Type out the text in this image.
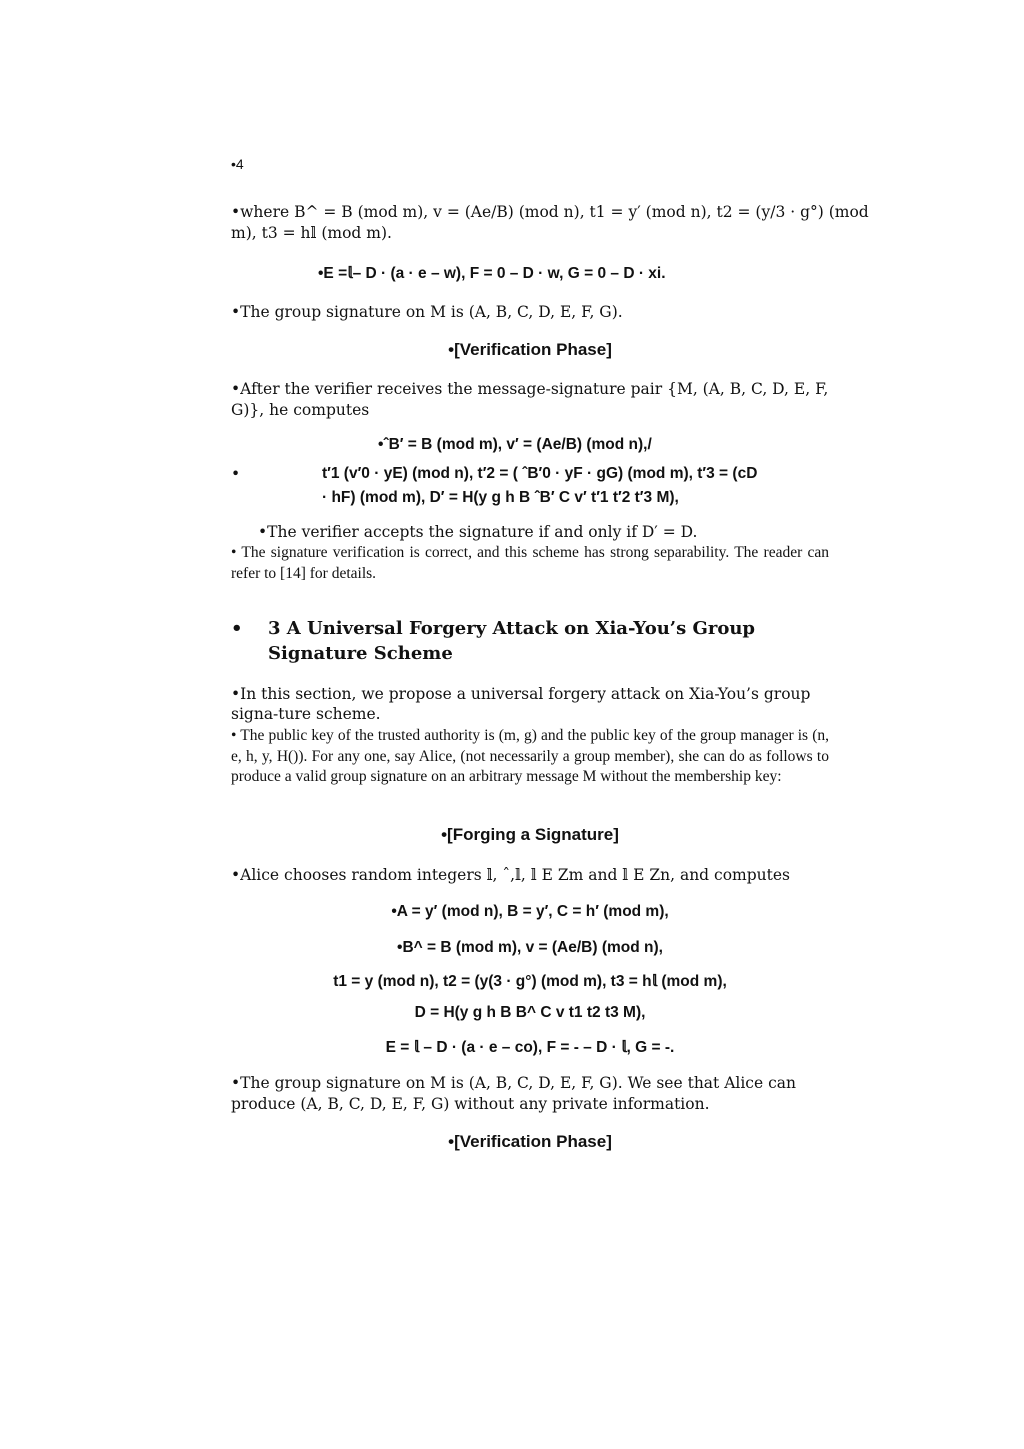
•4
•where B^ = B (mod m), v = (Ae/B) (mod n), t1 = y′ (mod n), t2 = (y/3 · g°) (mod
m), t3 = h𝕝 (mod m).
•E =𝕝– D · (a · e – w), F = 0 – D · w, G = 0 – D · xi.
•The group signature on M is (A, B, C, D, E, F, G).
•[Verification Phase]
•After the verifier receives the message-signature pair {M, (A, B, C, D, E, F,
G)}, he computes
•ˆB′ = B (mod m), v′ = (Ae/B) (mod n),/
•	t′1 (v′0 · yE) (mod n), t′2 = ( ˆB′0 · yF · gG) (mod m), t′3 = (cD
· hF) (mod m), D′ = H(y g h B ˆB′ C v′ t′1 t′2 t′3 M),
•The verifier accepts the signature if and only if D′ = D.
• The signature verification is correct, and this scheme has strong separability. The reader can refer to [14] for details.
• 3 A Universal Forgery Attack on Xia-You’s Group
Signature Scheme
•In this section, we propose a universal forgery attack on Xia-You’s group
signa-ture scheme.
• The public key of the trusted authority is (m, g) and the public key of the group manager is (n, e, h, y, H()). For any one, say Alice, (not necessarily a group member), she can do as follows to produce a valid group signature on an arbitrary message M without the membership key:
•[Forging a Signature]
•Alice chooses random integers 𝕝, ˆ,𝕝, 𝕝 E Zm and 𝕝 E Zn, and computes
•A = y′ (mod n), B = y′, C = h′ (mod m),
•B^ = B (mod m), v = (Ae/B) (mod n),
t1 = y (mod n), t2 = (y(3 · g°) (mod m), t3 = h𝕝 (mod m),
D = H(y g h B B^ C v t1 t2 t3 M),
E = 𝕝 – D · (a · e – co), F = - – D · 𝕝, G = -.
•The group signature on M is (A, B, C, D, E, F, G). We see that Alice can
produce (A, B, C, D, E, F, G) without any private information.
•[Verification Phase]
